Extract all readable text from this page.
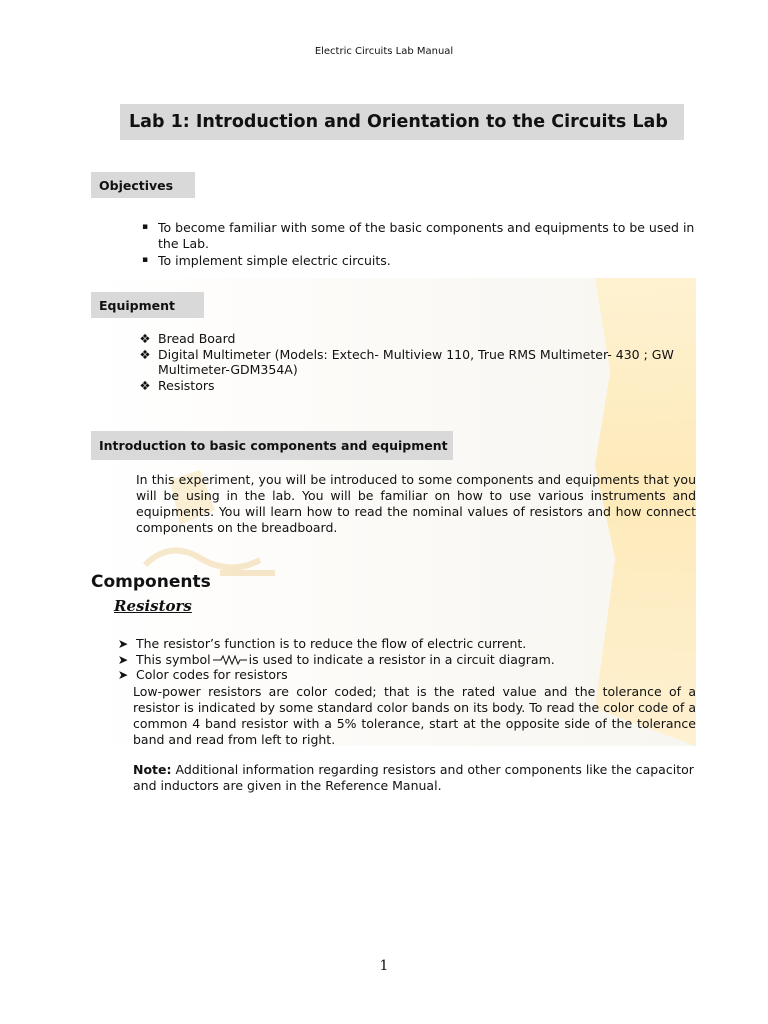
Electric Circuits Lab Manual
Lab 1: Introduction and Orientation to the Circuits Lab
Objectives
▪ To become familiar with some of the basic components and equipments to be used in the Lab.
▪ To implement simple electric circuits.
Equipment
❖ Bread Board
❖ Digital Multimeter (Models: Extech- Multiview 110, True RMS Multimeter- 430 ; GW Multimeter-GDM354A)
❖ Resistors
Introduction to basic components and equipment
In this experiment, you will be introduced to some components and equipments that you will be using in the lab. You will be familiar on how to use various instruments and equipments. You will learn how to read the nominal values of resistors and how connect components on the breadboard.
Components
Resistors
➤ The resistor’s function is to reduce the flow of electric current.
➤ This symbol	is used to indicate a resistor in a circuit diagram.
➤ Color codes for resistors
Low-power resistors are color coded; that is the rated value and the tolerance of a resistor is indicated by some standard color bands on its body. To read the color code of a common 4 band resistor with a 5% tolerance, start at the opposite side of the tolerance band and read from left to right.
Note: Additional information regarding resistors and other components like the capacitor and inductors are given in the Reference Manual.
1
